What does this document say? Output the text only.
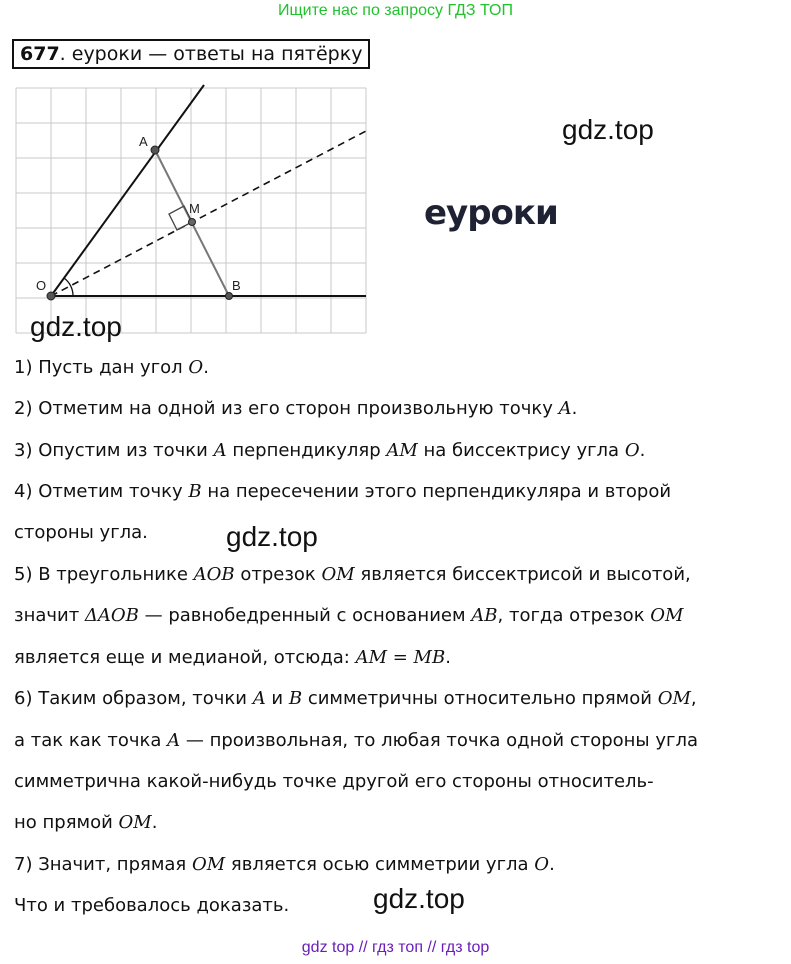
Ищите нас по запросу ГДЗ ТОП
677. еуроки — ответы на пятёрку
A
M
O	B
gdz.top
еуроки
gdz.top
gdz.top
gdz.top
1) Пусть дан угол O.
2) Отметим на одной из его сторон произвольную точку A.
3) Опустим из точки A перпендикуляр AM на биссектрису угла O.
4) Отметим точку B на пересечении этого перпендикуляра и второй
стороны угла.
5) В треугольнике AOB отрезок OM является биссектрисой и высотой,
значит ΔAOB — равнобедренный с основанием AB, тогда отрезок OM
является еще и медианой, отсюда: AM = MB.
6) Таким образом, точки A и B симметричны относительно прямой OM,
а так как точка A — произвольная, то любая точка одной стороны угла
симметрична какой-нибудь точке другой его стороны относитель-
но прямой OM.
7) Значит, прямая OM является осью симметрии угла O.
Что и требовалось доказать.
gdz top // гдз топ // гдз top
